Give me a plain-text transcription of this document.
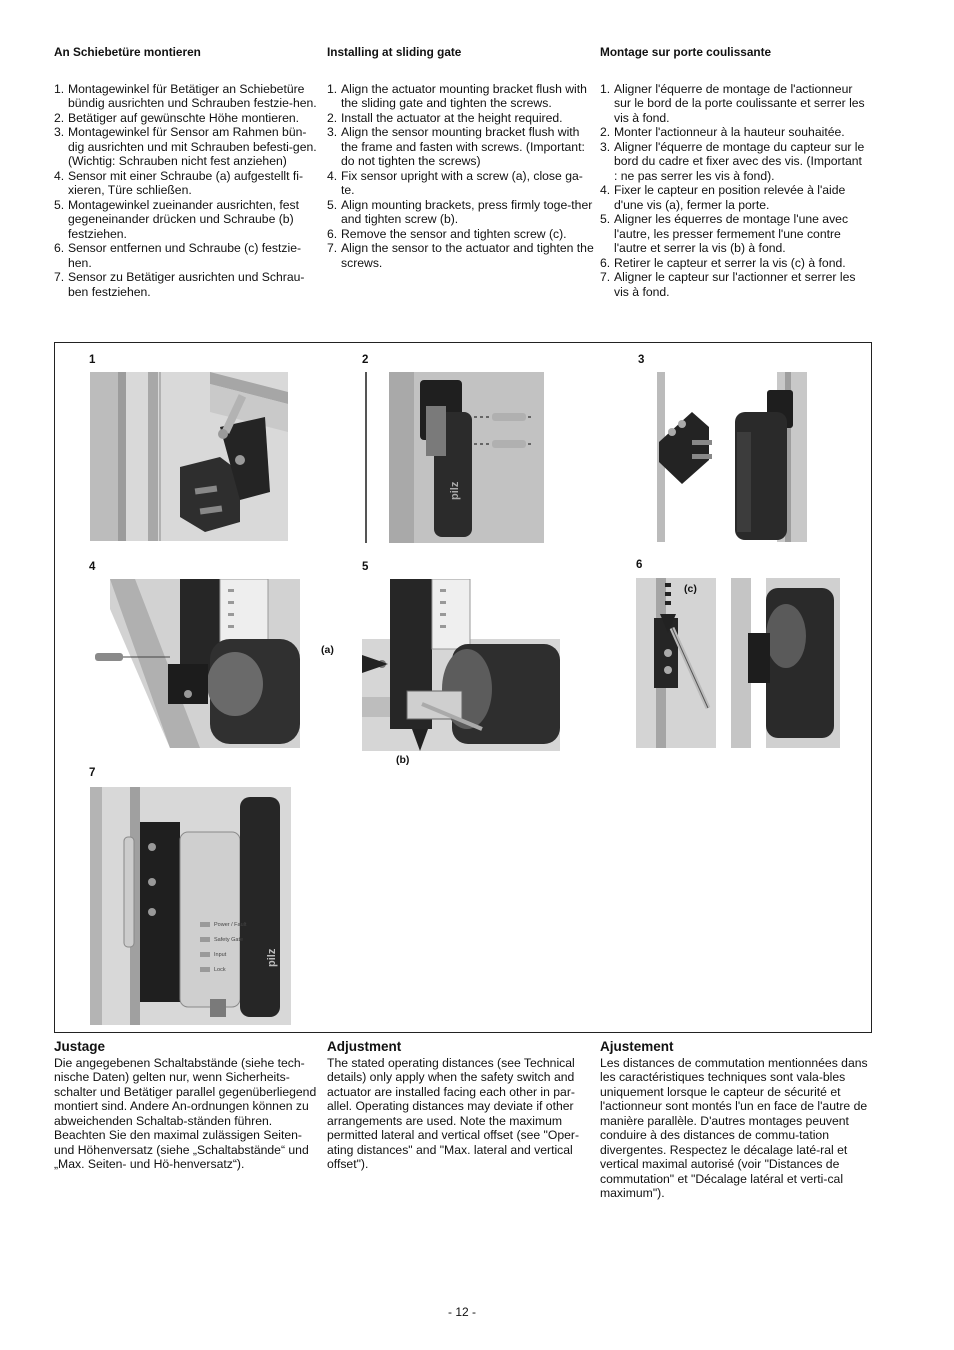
An Schiebetüre montieren
1. Montagewinkel für Betätiger an Schiebetüre bündig ausrichten und Schrauben festzie-hen.
2. Betätiger auf gewünschte Höhe montieren.
3. Montagewinkel für Sensor am Rahmen bün-dig ausrichten und mit Schrauben befesti-gen. (Wichtig: Schrauben nicht fest anziehen)
4. Sensor mit einer Schraube (a) aufgestellt fi-xieren, Türe schließen.
5. Montagewinkel zueinander ausrichten, fest gegeneinander drücken und Schraube (b) festziehen.
6. Sensor entfernen und Schraube (c) festzie-hen.
7. Sensor zu Betätiger ausrichten und Schrau-ben festziehen.
Installing at sliding gate
1. Align the actuator mounting bracket flush with the sliding gate and tighten the screws.
2. Install the actuator at the height required.
3. Align the sensor mounting bracket flush with the frame and fasten with screws. (Important: do not tighten the screws)
4. Fix sensor upright with a screw (a), close ga-te.
5. Align mounting brackets, press firmly toge-ther and tighten screw (b).
6. Remove the sensor and tighten screw (c).
7. Align the sensor to the actuator and tighten the screws.
Montage sur porte coulissante
1. Aligner l'équerre de montage de l'actionneur sur le bord de la porte coulissante et serrer les vis à fond.
2. Monter l'actionneur à la hauteur souhaitée.
3. Aligner l'équerre de montage du capteur sur le bord du cadre et fixer avec des vis. (Important : ne pas serrer les vis à fond).
4. Fixer le capteur en position relevée à l'aide d'une vis (a), fermer la porte.
5. Aligner les équerres de montage l'une avec l'autre, les presser fermement l'une contre l'autre et serrer la vis (b) à fond.
6. Retirer le capteur et serrer la vis (c) à fond.
7. Aligner le capteur sur l'actionner et serrer les vis à fond.
1	2
pilz
3
4	5
(a)
(b)
6
(c)
7
Power / Fault
Safety Gate
Input
Lock
pilz
Justage

Die angegebenen Schaltabstände (siehe tech-nische Daten) gelten nur, wenn Sicherheits-schalter und Betätiger parallel gegenüberliegend montiert sind. Andere An-ordnungen können zu abweichenden Schaltab-ständen führen. Beachten Sie den maximal zulässigen Seiten- und Höhenversatz (siehe „Schaltabstände“ und „Max. Seiten- und Hö-henversatz“).

Adjustment

The stated operating distances (see Technical details) only apply when the safety switch and actuator are installed facing each other in par-allel. Operating distances may deviate if other arrangements are used. Note the maximum permitted lateral and vertical offset (see "Oper-ating distances" and "Max. lateral and vertical offset").

Ajustement

Les distances de commutation mentionnées dans les caractéristiques techniques sont vala-bles uniquement lorsque le capteur de sécurité et l'actionneur sont montés l'un en face de l'autre de manière parallèle. D'autres montages peuvent conduire à des distances de commu-tation divergentes. Respectez le décalage laté-ral et vertical maximal autorisé (voir "Distances de commutation" et "Décalage latéral et verti-cal maximum").

- 12 -
